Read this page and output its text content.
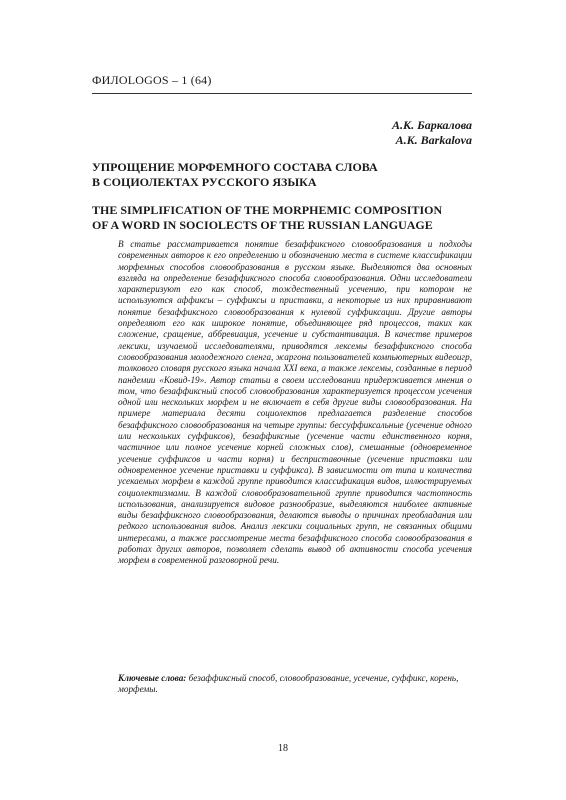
ФИЛОLOGOS – 1 (64)
А.К. Баркалова
A.K. Barkalova
УПРОЩЕНИЕ МОРФЕМНОГО СОСТАВА СЛОВА
В СОЦИОЛЕКТАХ РУССКОГО ЯЗЫКА
THE SIMPLIFICATION OF THE MORPHEMIC COMPOSITION
OF A WORD IN SOCIOLECTS OF THE RUSSIAN LANGUAGE

В статье рассматривается понятие безаффиксного словообразования и подходы современных авторов к его определению и обозначению места в системе классификации морфемных способов словообразования в русском языке. Выделяются два основных взгляда на определение безаффиксного способа словообразования. Одни исследователи характеризуют его как способ, тождественный усечению, при котором не используются аффиксы – суффиксы и приставки, а некоторые из них приравнивают понятие безаффиксного словообразования к нулевой суффиксации. Другие авторы определяют его как широкое понятие, объединяющее ряд процессов, таких как сложение, сращение, аббревиация, усечение и субстантивация. В качестве примеров лексики, изучаемой исследователями, приводятся лексемы безаффиксного способа словообразования молодежного сленга, жаргона пользователей компьютерных видеоигр, толкового словаря русского языка начала XXI века, а также лексемы, созданные в период пандемии «Ковид-19». Автор статьи в своем исследовании придерживается мнения о том, что безаффиксный способ словообразования характеризуется процессом усечения одной или нескольких морфем и не включает в себя другие виды словообразования. На примере материала десяти социолектов предлагается разделение способов безаффиксного словообразования на четыре группы: бессуффиксальные (усечение одного или нескольких суффиксов), безаффиксные (усечение части единственного корня, частичное или полное усечение корней сложных слов), смешанные (одновременное усечение суффиксов и части корня) и бесприставочные (усечение приставки или одновременное усечение приставки и суффикса). В зависимости от типа и количества усекаемых морфем в каждой группе приводится классификация видов, иллюстрируемых социолектизмами. В каждой словообразовательной группе приводится частотность использования, анализируется видовое разнообразие, выделяются наиболее активные виды безаффиксного словообразования, делаются выводы о причинах преобладания или редкого использования видов. Анализ лексики социальных групп, не связанных общими интересами, а также рассмотрение места безаффиксного способа словообразования в работах других авторов, позволяет сделать вывод об активности способа усечения морфем в современной разговорной речи.

Ключевые слова: безаффиксный способ, словообразование, усечение, суффикс, корень, морфемы.
18
